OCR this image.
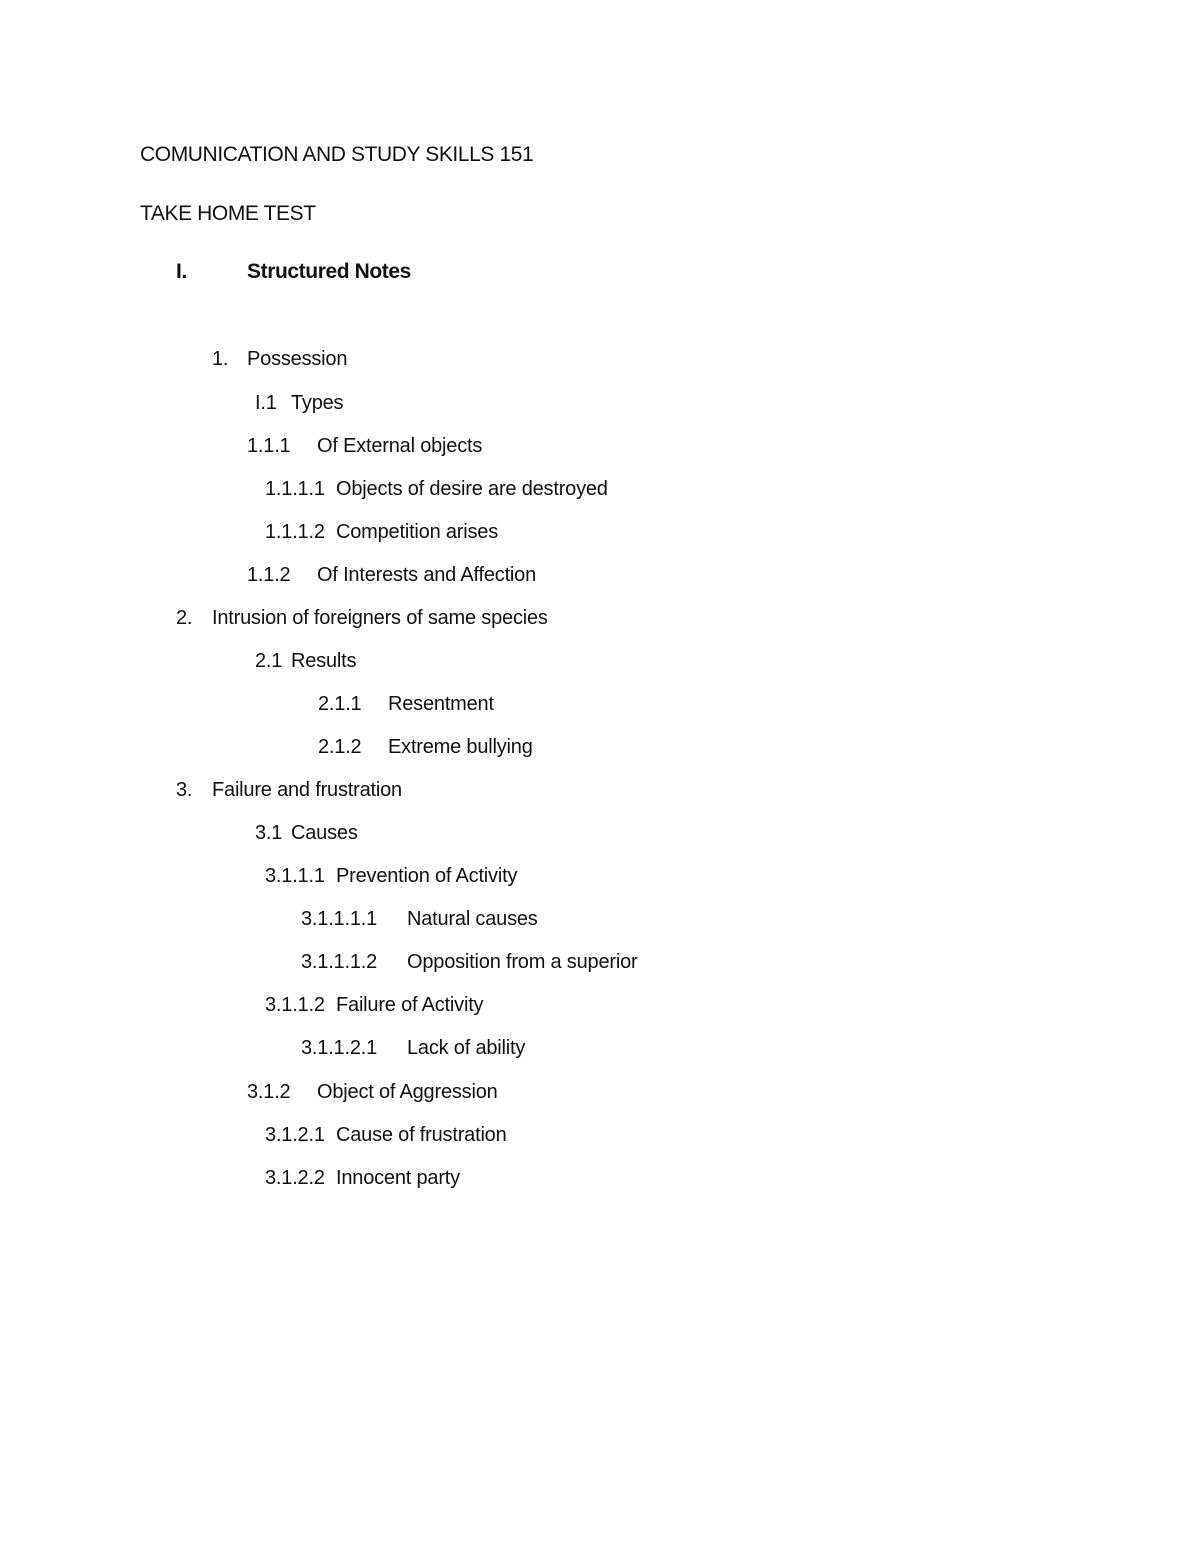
COMUNICATION AND STUDY SKILLS 151
TAKE HOME TEST
I.	Structured Notes
1. Possession
I.1 Types
1.1.1 Of External objects
1.1.1.1 Objects of desire are destroyed
1.1.1.2 Competition arises
1.1.2 Of Interests and Affection
2. Intrusion of foreigners of same species
2.1 Results
2.1.1 Resentment
2.1.2 Extreme bullying
3. Failure and frustration
3.1 Causes
3.1.1.1 Prevention of Activity
3.1.1.1.1 Natural causes
3.1.1.1.2 Opposition from a superior
3.1.1.2 Failure of Activity
3.1.1.2.1 Lack of ability
3.1.2 Object of Aggression
3.1.2.1 Cause of frustration
3.1.2.2 Innocent party
